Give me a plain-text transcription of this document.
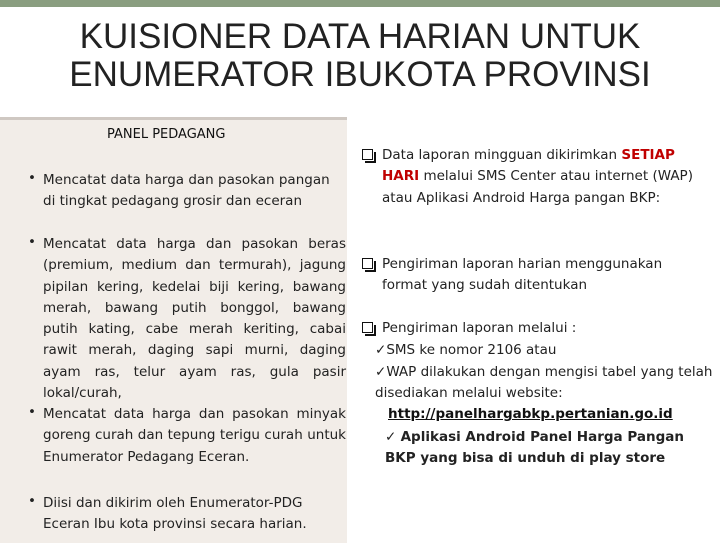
KUISIONER DATA HARIAN UNTUK
ENUMERATOR IBUKOTA PROVINSI
PANEL PEDAGANG
• Mencatat data harga dan pasokan pangan di tingkat pedagang grosir dan eceran
• Mencatat data harga dan pasokan beras (premium, medium dan termurah), jagung pipilan kering, kedelai biji kering, bawang merah, bawang putih bonggol, bawang putih kating, cabe merah keriting, cabai rawit merah, daging sapi murni, daging ayam ras, telur ayam ras, gula pasir lokal/curah,
• Mencatat data harga dan pasokan minyak goreng curah dan tepung terigu curah untuk Enumerator Pedagang Eceran.
• Diisi dan dikirim oleh Enumerator-PDG Eceran Ibu kota provinsi secara harian.
Data laporan mingguan dikirimkan SETIAP HARI melalui SMS Center atau internet (WAP) atau Aplikasi Android Harga pangan BKP:
Pengiriman laporan harian menggunakan format yang sudah ditentukan
Pengiriman laporan melalui :
✓SMS ke nomor 2106 atau
✓WAP dilakukan dengan mengisi tabel yang telah disediakan melalui website:
http://panelhargabkp.pertanian.go.id
✓ Aplikasi Android Panel Harga Pangan BKP yang bisa di unduh di play store
